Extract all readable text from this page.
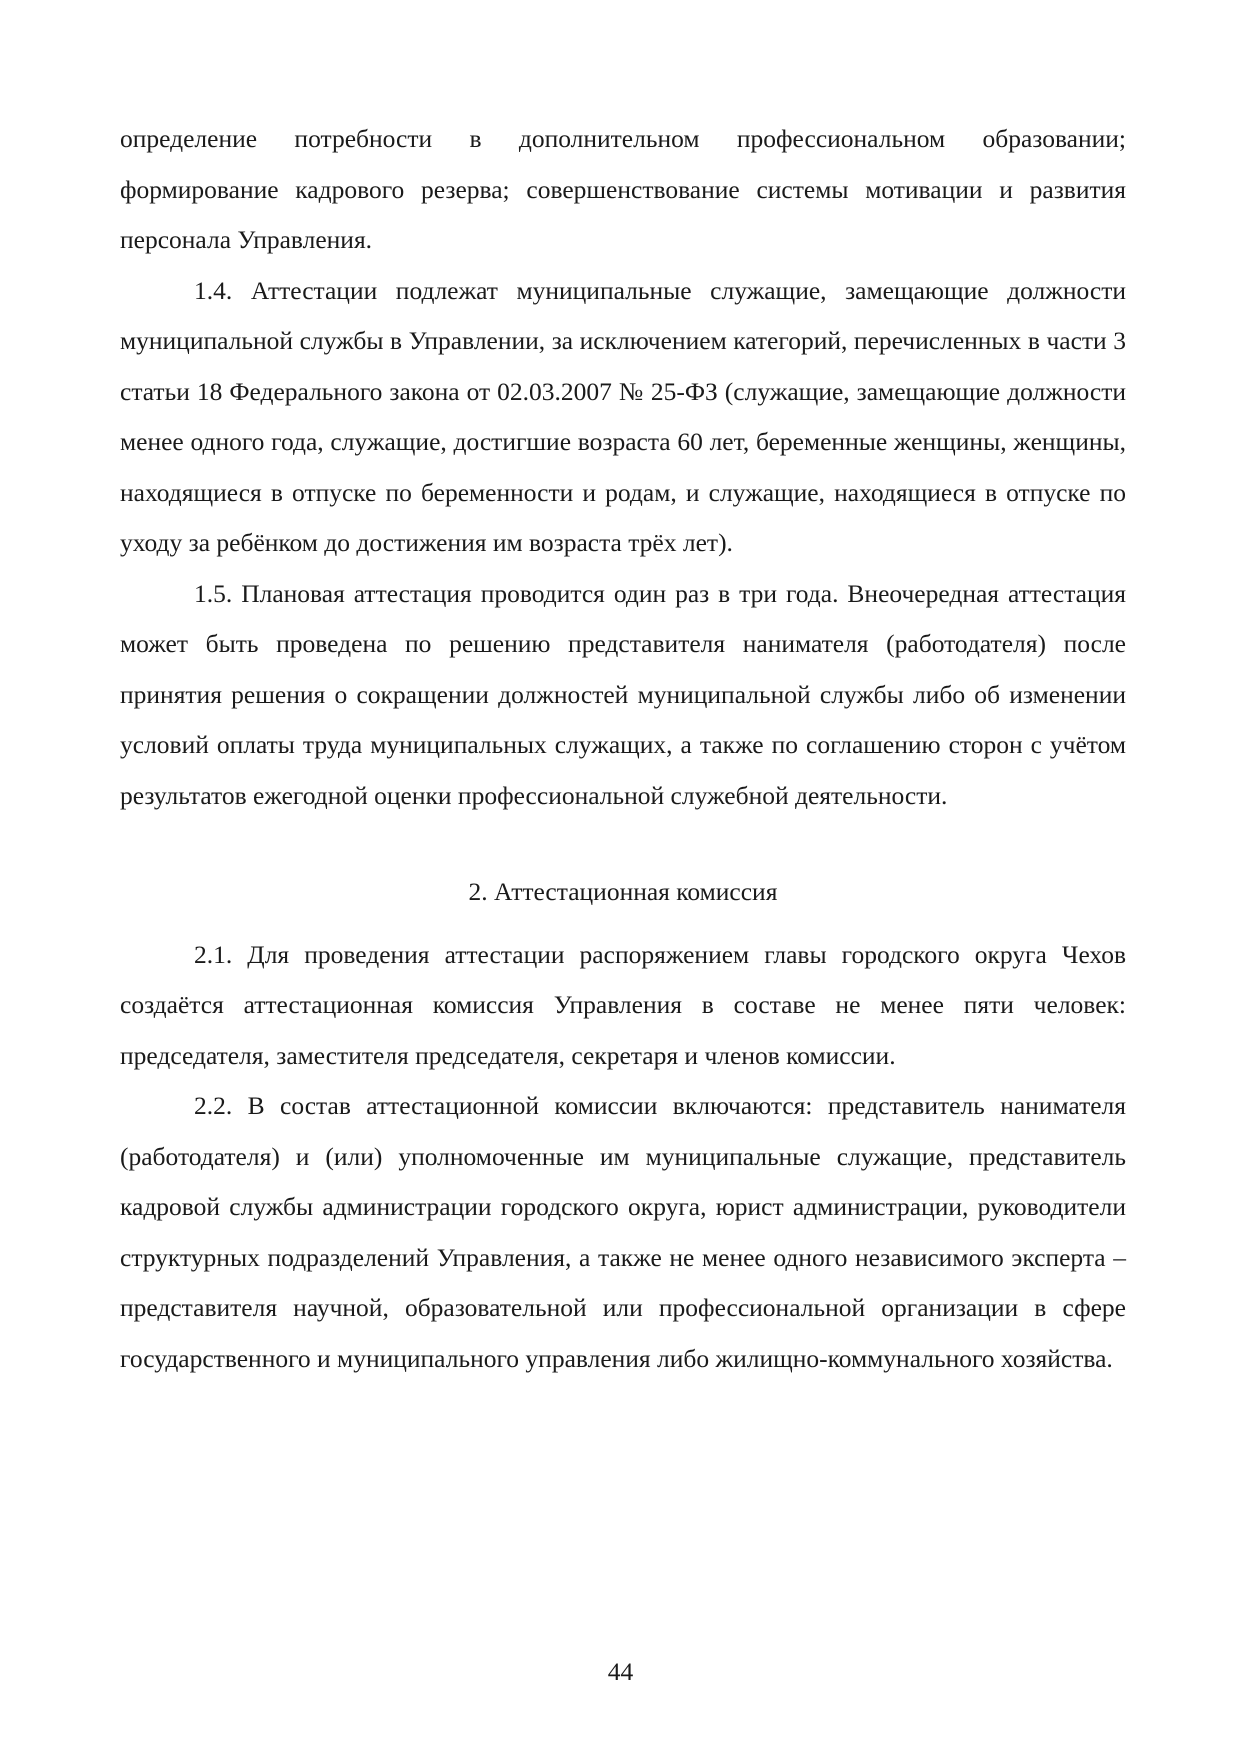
определение потребности в дополнительном профессиональном образовании; формирование кадрового резерва; совершенствование системы мотивации и развития персонала Управления.

1.4. Аттестации подлежат муниципальные служащие, замещающие должности муниципальной службы в Управлении, за исключением категорий, перечисленных в части 3 статьи 18 Федерального закона от 02.03.2007 № 25-ФЗ (служащие, замещающие должности менее одного года, служащие, достигшие возраста 60 лет, беременные женщины, женщины, находящиеся в отпуске по беременности и родам, и служащие, находящиеся в отпуске по уходу за ребёнком до достижения им возраста трёх лет).

1.5. Плановая аттестация проводится один раз в три года. Внеочередная аттестация может быть проведена по решению представителя нанимателя (работодателя) после принятия решения о сокращении должностей муниципальной службы либо об изменении условий оплаты труда муниципальных служащих, а также по соглашению сторон с учётом результатов ежегодной оценки профессиональной служебной деятельности.

2. Аттестационная комиссия

2.1. Для проведения аттестации распоряжением главы городского округа Чехов создаётся аттестационная комиссия Управления в составе не менее пяти человек: председателя, заместителя председателя, секретаря и членов комиссии.

2.2. В состав аттестационной комиссии включаются: представитель нанимателя (работодателя) и (или) уполномоченные им муниципальные служащие, представитель кадровой службы администрации городского округа, юрист администрации, руководители структурных подразделений Управления, а также не менее одного независимого эксперта – представителя научной, образовательной или профессиональной организации в сфере государственного и муниципального управления либо жилищно-коммунального хозяйства.

44
